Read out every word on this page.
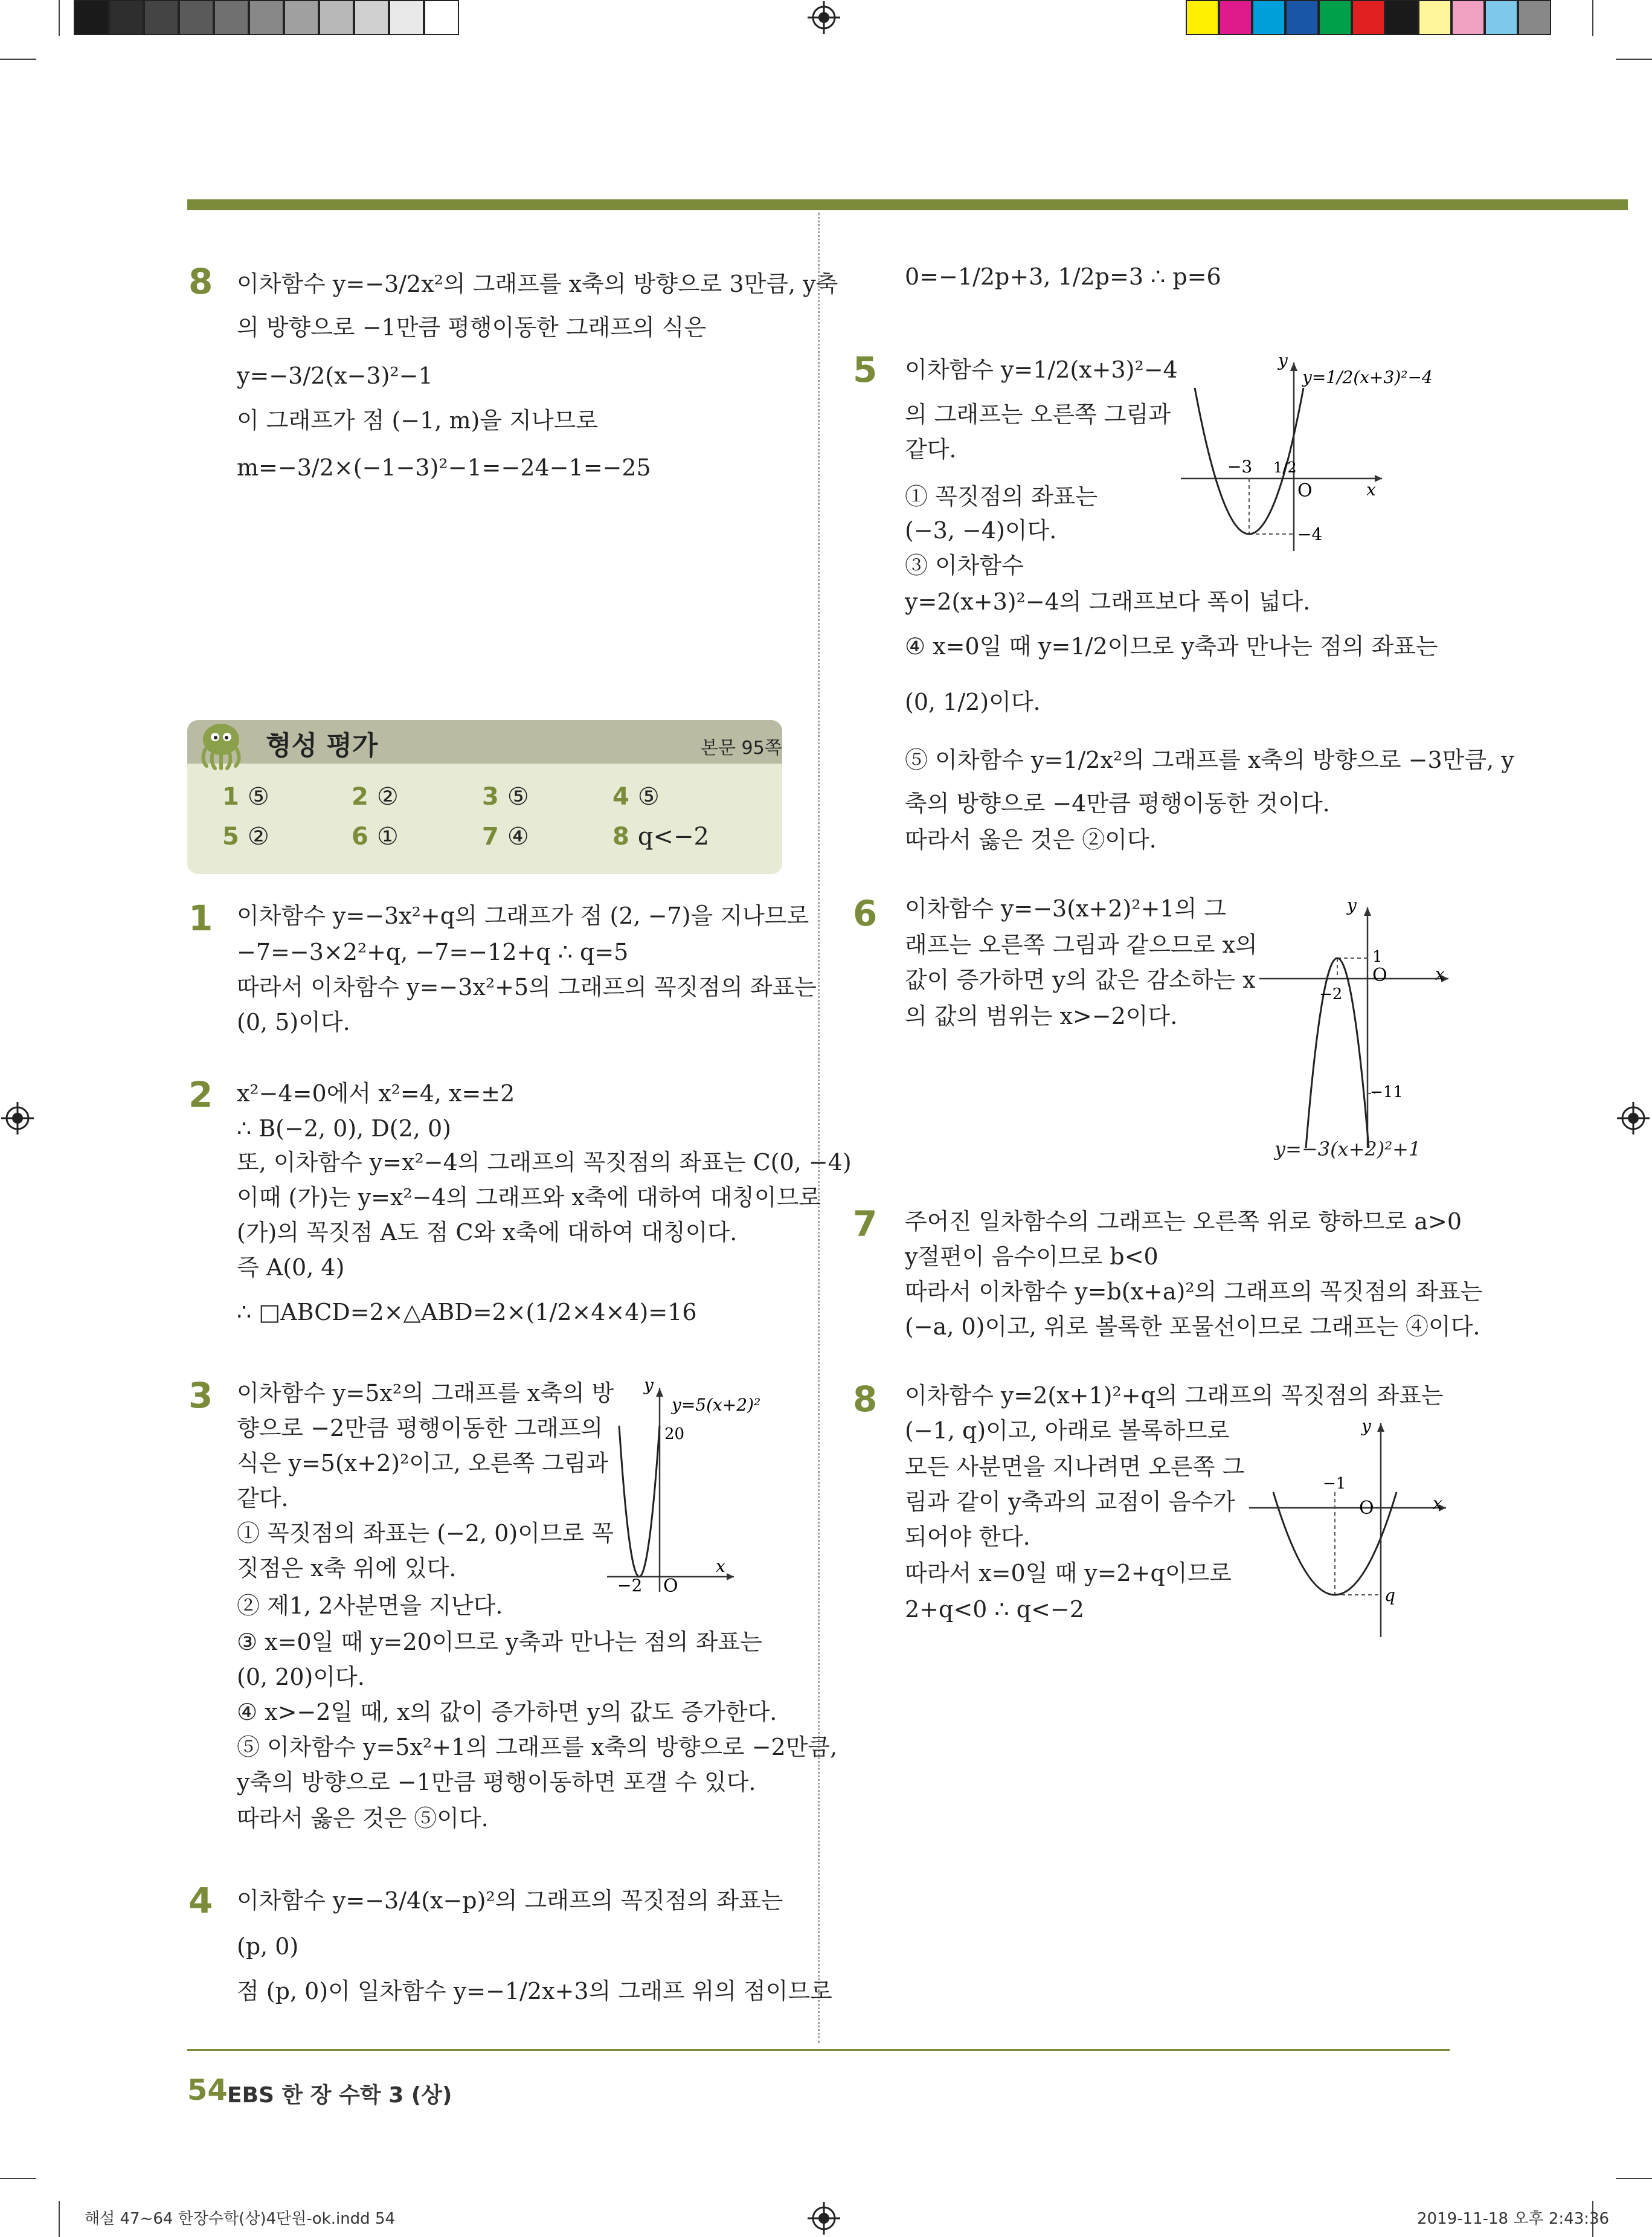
8 이차함수 y=−3/2x²의 그래프를 x축의 방향으로 3만큼, y축
의 방향으로 −1만큼 평행이동한 그래프의 식은
y=−3/2(x−3)²−1
이 그래프가 점 (−1, m)을 지나므로
m=−3/2×(−1−3)²−1=−24−1=−25
형성 평가	본문 95쪽
1 ⑤	2 ②	3 ⑤	4 ⑤
5 ②	6 ①	7 ④	8 q<−2
1 이차함수 y=−3x²+q의 그래프가 점 (2, −7)을 지나므로
−7=−3×2²+q, −7=−12+q ∴ q=5
따라서 이차함수 y=−3x²+5의 그래프의 꼭짓점의 좌표는
(0, 5)이다.
2 x²−4=0에서 x²=4, x=±2
∴ B(−2, 0), D(2, 0)
또, 이차함수 y=x²−4의 그래프의 꼭짓점의 좌표는 C(0, −4)
이때 (가)는 y=x²−4의 그래프와 x축에 대하여 대칭이므로
(가)의 꼭짓점 A도 점 C와 x축에 대하여 대칭이다.
즉 A(0, 4)
∴ □ABCD=2×△ABD=2×(1/2×4×4)=16
3 이차함수 y=5x²의 그래프를 x축의 방
향으로 −2만큼 평행이동한 그래프의
식은 y=5(x+2)²이고, 오른쪽 그림과
같다.
① 꼭짓점의 좌표는 (−2, 0)이므로 꼭
짓점은 x축 위에 있다.
② 제1, 2사분면을 지난다.
③ x=0일 때 y=20이므로 y축과 만나는 점의 좌표는
(0, 20)이다.
④ x>−2일 때, x의 값이 증가하면 y의 값도 증가한다.
⑤ 이차함수 y=5x²+1의 그래프를 x축의 방향으로 −2만큼,
y축의 방향으로 −1만큼 평행이동하면 포갤 수 있다.
따라서 옳은 것은 ⑤이다.
y
x
O
20
−2
y=5(x+2)²
4 이차함수 y=−3/4(x−p)²의 그래프의 꼭짓점의 좌표는
(p, 0)
점 (p, 0)이 일차함수 y=−1/2x+3의 그래프 위의 점이므로
0=−1/2p+3, 1/2p=3 ∴ p=6
5 이차함수 y=1/2(x+3)²−4
의 그래프는 오른쪽 그림과
같다.
① 꼭짓점의 좌표는
(−3, −4)이다.
③ 이차함수
y=2(x+3)²−4의 그래프보다 폭이 넓다.
④ x=0일 때 y=1/2이므로 y축과 만나는 점의 좌표는
(0, 1/2)이다.
⑤ 이차함수 y=1/2x²의 그래프를 x축의 방향으로 −3만큼, y
축의 방향으로 −4만큼 평행이동한 것이다.
따라서 옳은 것은 ②이다.
y
x
O
−3 1/2
−4
y=1/2(x+3)²−4
6 이차함수 y=−3(x+2)²+1의 그
래프는 오른쪽 그림과 같으므로 x의
값이 증가하면 y의 값은 감소하는 x
의 값의 범위는 x>−2이다.
y
x
O
1
−2
−11
y=−3(x+2)²+1
7 주어진 일차함수의 그래프는 오른쪽 위로 향하므로 a>0
y절편이 음수이므로 b<0
따라서 이차함수 y=b(x+a)²의 그래프의 꼭짓점의 좌표는
(−a, 0)이고, 위로 볼록한 포물선이므로 그래프는 ④이다.
8 이차함수 y=2(x+1)²+q의 그래프의 꼭짓점의 좌표는
(−1, q)이고, 아래로 볼록하므로
모든 사분면을 지나려면 오른쪽 그
림과 같이 y축과의 교점이 음수가
되어야 한다.
따라서 x=0일 때 y=2+q이므로
2+q<0 ∴ q<−2
y
x
O
−1
q
54 EBS 한 장 수학 3 (상)
해설 47~64 한장수학(상)4단원-ok.indd 54	2019-11-18 오후 2:43:36
